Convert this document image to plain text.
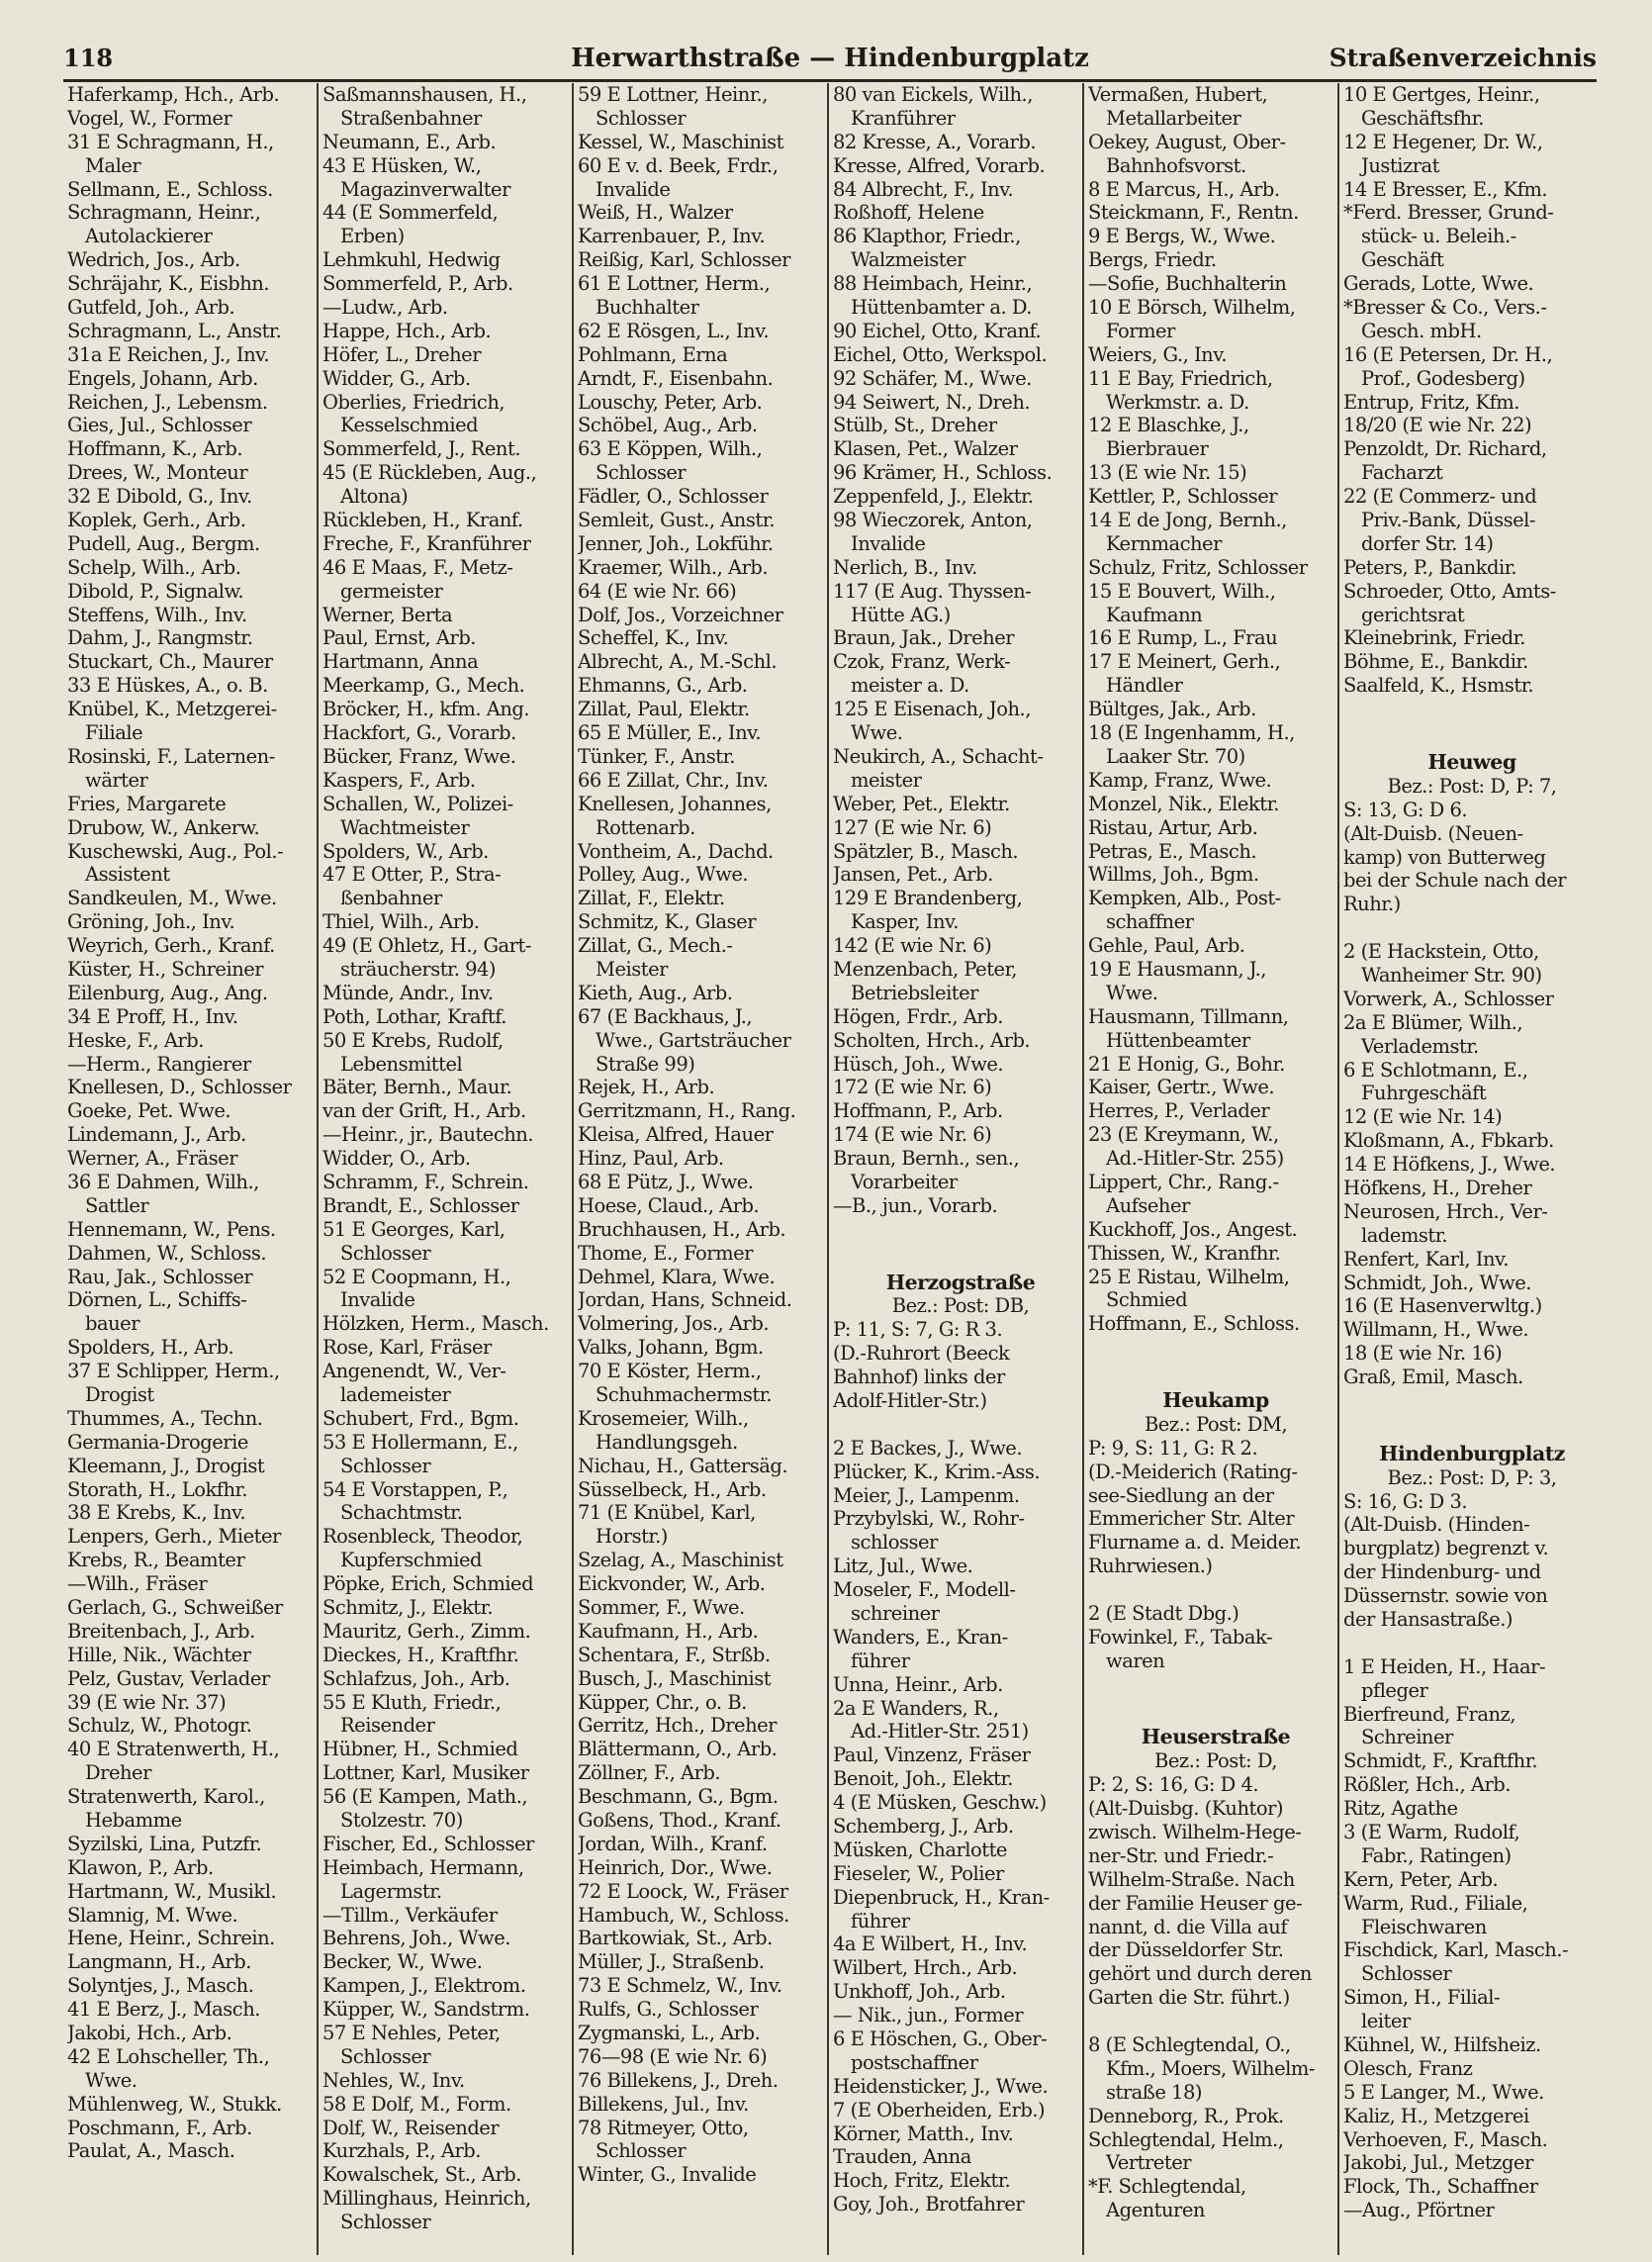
118	Herwarthstraße — Hindenburgplatz	Straßenverzeichnis
Haferkamp, Hch., Arb.
Vogel, W., Former
31 E Schragmann, H.,
Maler
Sellmann, E., Schloss.
Schragmann, Heinr.,
Autolackierer
Wedrich, Jos., Arb.
Schräjahr, K., Eisbhn.
Gutfeld, Joh., Arb.
Schragmann, L., Anstr.
31a E Reichen, J., Inv.
Engels, Johann, Arb.
Reichen, J., Lebensm.
Gies, Jul., Schlosser
Hoffmann, K., Arb.
Drees, W., Monteur
32 E Dibold, G., Inv.
Koplek, Gerh., Arb.
Pudell, Aug., Bergm.
Schelp, Wilh., Arb.
Dibold, P., Signalw.
Steffens, Wilh., Inv.
Dahm, J., Rangmstr.
Stuckart, Ch., Maurer
33 E Hüskes, A., o. B.
Knübel, K., Metzgerei-
Filiale
Rosinski, F., Laternen-
wärter
Fries, Margarete
Drubow, W., Ankerw.
Kuschewski, Aug., Pol.-
Assistent
Sandkeulen, M., Wwe.
Gröning, Joh., Inv.
Weyrich, Gerh., Kranf.
Küster, H., Schreiner
Eilenburg, Aug., Ang.
34 E Proff, H., Inv.
Heske, F., Arb.
—Herm., Rangierer
Knellesen, D., Schlosser
Goeke, Pet. Wwe.
Lindemann, J., Arb.
Werner, A., Fräser
36 E Dahmen, Wilh.,
Sattler
Hennemann, W., Pens.
Dahmen, W., Schloss.
Rau, Jak., Schlosser
Dörnen, L., Schiffs-
bauer
Spolders, H., Arb.
37 E Schlipper, Herm.,
Drogist
Thummes, A., Techn.
Germania-Drogerie
Kleemann, J., Drogist
Storath, H., Lokfhr.
38 E Krebs, K., Inv.
Lenpers, Gerh., Mieter
Krebs, R., Beamter
—Wilh., Fräser
Gerlach, G., Schweißer
Breitenbach, J., Arb.
Hille, Nik., Wächter
Pelz, Gustav, Verlader
39 (E wie Nr. 37)
Schulz, W., Photogr.
40 E Stratenwerth, H.,
Dreher
Stratenwerth, Karol.,
Hebamme
Syzilski, Lina, Putzfr.
Klawon, P., Arb.
Hartmann, W., Musikl.
Slamnig, M. Wwe.
Hene, Heinr., Schrein.
Langmann, H., Arb.
Solyntjes, J., Masch.
41 E Berz, J., Masch.
Jakobi, Hch., Arb.
42 E Lohscheller, Th.,
Wwe.
Mühlenweg, W., Stukk.
Poschmann, F., Arb.
Paulat, A., Masch.
Saßmannshausen, H.,
Straßenbahner
Neumann, E., Arb.
43 E Hüsken, W.,
Magazinverwalter
44 (E Sommerfeld,
Erben)
Lehmkuhl, Hedwig
Sommerfeld, P., Arb.
—Ludw., Arb.
Happe, Hch., Arb.
Höfer, L., Dreher
Widder, G., Arb.
Oberlies, Friedrich,
Kesselschmied
Sommerfeld, J., Rent.
45 (E Rückleben, Aug.,
Altona)
Rückleben, H., Kranf.
Freche, F., Kranführer
46 E Maas, F., Metz-
germeister
Werner, Berta
Paul, Ernst, Arb.
Hartmann, Anna
Meerkamp, G., Mech.
Bröcker, H., kfm. Ang.
Hackfort, G., Vorarb.
Bücker, Franz, Wwe.
Kaspers, F., Arb.
Schallen, W., Polizei-
Wachtmeister
Spolders, W., Arb.
47 E Otter, P., Stra-
ßenbahner
Thiel, Wilh., Arb.
49 (E Ohletz, H., Gart-
sträucherstr. 94)
Münde, Andr., Inv.
Poth, Lothar, Kraftf.
50 E Krebs, Rudolf,
Lebensmittel
Bäter, Bernh., Maur.
van der Grift, H., Arb.
—Heinr., jr., Bautechn.
Widder, O., Arb.
Schramm, F., Schrein.
Brandt, E., Schlosser
51 E Georges, Karl,
Schlosser
52 E Coopmann, H.,
Invalide
Hölzken, Herm., Masch.
Rose, Karl, Fräser
Angenendt, W., Ver-
lademeister
Schubert, Frd., Bgm.
53 E Hollermann, E.,
Schlosser
54 E Vorstappen, P.,
Schachtmstr.
Rosenbleck, Theodor,
Kupferschmied
Pöpke, Erich, Schmied
Schmitz, J., Elektr.
Mauritz, Gerh., Zimm.
Dieckes, H., Kraftfhr.
Schlafzus, Joh., Arb.
55 E Kluth, Friedr.,
Reisender
Hübner, H., Schmied
Lottner, Karl, Musiker
56 (E Kampen, Math.,
Stolzestr. 70)
Fischer, Ed., Schlosser
Heimbach, Hermann,
Lagermstr.
—Tillm., Verkäufer
Behrens, Joh., Wwe.
Becker, W., Wwe.
Kampen, J., Elektrom.
Küpper, W., Sandstrm.
57 E Nehles, Peter,
Schlosser
Nehles, W., Inv.
58 E Dolf, M., Form.
Dolf, W., Reisender
Kurzhals, P., Arb.
Kowalschek, St., Arb.
Millinghaus, Heinrich,
Schlosser
59 E Lottner, Heinr.,
Schlosser
Kessel, W., Maschinist
60 E v. d. Beek, Frdr.,
Invalide
Weiß, H., Walzer
Karrenbauer, P., Inv.
Reißig, Karl, Schlosser
61 E Lottner, Herm.,
Buchhalter
62 E Rösgen, L., Inv.
Pohlmann, Erna
Arndt, F., Eisenbahn.
Louschy, Peter, Arb.
Schöbel, Aug., Arb.
63 E Köppen, Wilh.,
Schlosser
Fädler, O., Schlosser
Semleit, Gust., Anstr.
Jenner, Joh., Lokführ.
Kraemer, Wilh., Arb.
64 (E wie Nr. 66)
Dolf, Jos., Vorzeichner
Scheffel, K., Inv.
Albrecht, A., M.-Schl.
Ehmanns, G., Arb.
Zillat, Paul, Elektr.
65 E Müller, E., Inv.
Tünker, F., Anstr.
66 E Zillat, Chr., Inv.
Knellesen, Johannes,
Rottenarb.
Vontheim, A., Dachd.
Polley, Aug., Wwe.
Zillat, F., Elektr.
Schmitz, K., Glaser
Zillat, G., Mech.-
Meister
Kieth, Aug., Arb.
67 (E Backhaus, J.,
Wwe., Gartsträucher
Straße 99)
Rejek, H., Arb.
Gerritzmann, H., Rang.
Kleisa, Alfred, Hauer
Hinz, Paul, Arb.
68 E Pütz, J., Wwe.
Hoese, Claud., Arb.
Bruchhausen, H., Arb.
Thome, E., Former
Dehmel, Klara, Wwe.
Jordan, Hans, Schneid.
Volmering, Jos., Arb.
Valks, Johann, Bgm.
70 E Köster, Herm.,
Schuhmachermstr.
Krosemeier, Wilh.,
Handlungsgeh.
Nichau, H., Gattersäg.
Süsselbeck, H., Arb.
71 (E Knübel, Karl,
Horstr.)
Szelag, A., Maschinist
Eickvonder, W., Arb.
Sommer, F., Wwe.
Kaufmann, H., Arb.
Schentara, F., Strßb.
Busch, J., Maschinist
Küpper, Chr., o. B.
Gerritz, Hch., Dreher
Blättermann, O., Arb.
Zöllner, F., Arb.
Beschmann, G., Bgm.
Goßens, Thod., Kranf.
Jordan, Wilh., Kranf.
Heinrich, Dor., Wwe.
72 E Loock, W., Fräser
Hambuch, W., Schloss.
Bartkowiak, St., Arb.
Müller, J., Straßenb.
73 E Schmelz, W., Inv.
Rulfs, G., Schlosser
Zygmanski, L., Arb.
76—98 (E wie Nr. 6)
76 Billekens, J., Dreh.
Billekens, Jul., Inv.
78 Ritmeyer, Otto,
Schlosser
Winter, G., Invalide
80 van Eickels, Wilh.,
Kranführer
82 Kresse, A., Vorarb.
Kresse, Alfred, Vorarb.
84 Albrecht, F., Inv.
Roßhoff, Helene
86 Klapthor, Friedr.,
Walzmeister
88 Heimbach, Heinr.,
Hüttenbamter a. D.
90 Eichel, Otto, Kranf.
Eichel, Otto, Werkspol.
92 Schäfer, M., Wwe.
94 Seiwert, N., Dreh.
Stülb, St., Dreher
Klasen, Pet., Walzer
96 Krämer, H., Schloss.
Zeppenfeld, J., Elektr.
98 Wieczorek, Anton,
Invalide
Nerlich, B., Inv.
117 (E Aug. Thyssen-
Hütte AG.)
Braun, Jak., Dreher
Czok, Franz, Werk-
meister a. D.
125 E Eisenach, Joh.,
Wwe.
Neukirch, A., Schacht-
meister
Weber, Pet., Elektr.
127 (E wie Nr. 6)
Spätzler, B., Masch.
Jansen, Pet., Arb.
129 E Brandenberg,
Kasper, Inv.
142 (E wie Nr. 6)
Menzenbach, Peter,
Betriebsleiter
Högen, Frdr., Arb.
Scholten, Hrch., Arb.
Hüsch, Joh., Wwe.
172 (E wie Nr. 6)
Hoffmann, P., Arb.
174 (E wie Nr. 6)
Braun, Bernh., sen.,
Vorarbeiter
—B., jun., Vorarb.
Herzogstraße
Bez.: Post: DB,
P: 11, S: 7, G: R 3.
(D.-Ruhrort (Beeck
Bahnhof) links der
Adolf-Hitler-Str.)
2 E Backes, J., Wwe.
Plücker, K., Krim.-Ass.
Meier, J., Lampenm.
Przybylski, W., Rohr-
schlosser
Litz, Jul., Wwe.
Moseler, F., Modell-
schreiner
Wanders, E., Kran-
führer
Unna, Heinr., Arb.
2a E Wanders, R.,
Ad.-Hitler-Str. 251)
Paul, Vinzenz, Fräser
Benoit, Joh., Elektr.
4 (E Müsken, Geschw.)
Schemberg, J., Arb.
Müsken, Charlotte
Fieseler, W., Polier
Diepenbruck, H., Kran-
führer
4a E Wilbert, H., Inv.
Wilbert, Hrch., Arb.
Unkhoff, Joh., Arb.
— Nik., jun., Former
6 E Höschen, G., Ober-
postschaffner
Heidensticker, J., Wwe.
7 (E Oberheiden, Erb.)
Körner, Matth., Inv.
Trauden, Anna
Hoch, Fritz, Elektr.
Goy, Joh., Brotfahrer
Vermaßen, Hubert,
Metallarbeiter
Oekey, August, Ober-
Bahnhofsvorst.
8 E Marcus, H., Arb.
Steickmann, F., Rentn.
9 E Bergs, W., Wwe.
Bergs, Friedr.
—Sofie, Buchhalterin
10 E Börsch, Wilhelm,
Former
Weiers, G., Inv.
11 E Bay, Friedrich,
Werkmstr. a. D.
12 E Blaschke, J.,
Bierbrauer
13 (E wie Nr. 15)
Kettler, P., Schlosser
14 E de Jong, Bernh.,
Kernmacher
Schulz, Fritz, Schlosser
15 E Bouvert, Wilh.,
Kaufmann
16 E Rump, L., Frau
17 E Meinert, Gerh.,
Händler
Bültges, Jak., Arb.
18 (E Ingenhamm, H.,
Laaker Str. 70)
Kamp, Franz, Wwe.
Monzel, Nik., Elektr.
Ristau, Artur, Arb.
Petras, E., Masch.
Willms, Joh., Bgm.
Kempken, Alb., Post-
schaffner
Gehle, Paul, Arb.
19 E Hausmann, J.,
Wwe.
Hausmann, Tillmann,
Hüttenbeamter
21 E Honig, G., Bohr.
Kaiser, Gertr., Wwe.
Herres, P., Verlader
23 (E Kreymann, W.,
Ad.-Hitler-Str. 255)
Lippert, Chr., Rang.-
Aufseher
Kuckhoff, Jos., Angest.
Thissen, W., Kranfhr.
25 E Ristau, Wilhelm,
Schmied
Hoffmann, E., Schloss.
Heukamp
Bez.: Post: DM,
P: 9, S: 11, G: R 2.
(D.-Meiderich (Rating-
see-Siedlung an der
Emmericher Str. Alter
Flurname a. d. Meider.
Ruhrwiesen.)
2 (E Stadt Dbg.)
Fowinkel, F., Tabak-
waren
Heuserstraße
Bez.: Post: D,
P: 2, S: 16, G: D 4.
(Alt-Duisbg. (Kuhtor)
zwisch. Wilhelm-Hege-
ner-Str. und Friedr.-
Wilhelm-Straße. Nach
der Familie Heuser ge-
nannt, d. die Villa auf
der Düsseldorfer Str.
gehört und durch deren
Garten die Str. führt.)
8 (E Schlegtendal, O.,
Kfm., Moers, Wilhelm-
straße 18)
Denneborg, R., Prok.
Schlegtendal, Helm.,
Vertreter
*F. Schlegtendal,
Agenturen
10 E Gertges, Heinr.,
Geschäftsfhr.
12 E Hegener, Dr. W.,
Justizrat
14 E Bresser, E., Kfm.
*Ferd. Bresser, Grund-
stück- u. Beleih.-
Geschäft
Gerads, Lotte, Wwe.
*Bresser & Co., Vers.-
Gesch. mbH.
16 (E Petersen, Dr. H.,
Prof., Godesberg)
Entrup, Fritz, Kfm.
18/20 (E wie Nr. 22)
Penzoldt, Dr. Richard,
Facharzt
22 (E Commerz- und
Priv.-Bank, Düssel-
dorfer Str. 14)
Peters, P., Bankdir.
Schroeder, Otto, Amts-
gerichtsrat
Kleinebrink, Friedr.
Böhme, E., Bankdir.
Saalfeld, K., Hsmstr.
Heuweg
Bez.: Post: D, P: 7,
S: 13, G: D 6.
(Alt-Duisb. (Neuen-
kamp) von Butterweg
bei der Schule nach der
Ruhr.)
2 (E Hackstein, Otto,
Wanheimer Str. 90)
Vorwerk, A., Schlosser
2a E Blümer, Wilh.,
Verlademstr.
6 E Schlotmann, E.,
Fuhrgeschäft
12 (E wie Nr. 14)
Kloßmann, A., Fbkarb.
14 E Höfkens, J., Wwe.
Höfkens, H., Dreher
Neurosen, Hrch., Ver-
lademstr.
Renfert, Karl, Inv.
Schmidt, Joh., Wwe.
16 (E Hasenverwltg.)
Willmann, H., Wwe.
18 (E wie Nr. 16)
Graß, Emil, Masch.
Hindenburgplatz
Bez.: Post: D, P: 3,
S: 16, G: D 3.
(Alt-Duisb. (Hinden-
burgplatz) begrenzt v.
der Hindenburg- und
Düssernstr. sowie von
der Hansastraße.)
1 E Heiden, H., Haar-
pfleger
Bierfreund, Franz,
Schreiner
Schmidt, F., Kraftfhr.
Rößler, Hch., Arb.
Ritz, Agathe
3 (E Warm, Rudolf,
Fabr., Ratingen)
Kern, Peter, Arb.
Warm, Rud., Filiale,
Fleischwaren
Fischdick, Karl, Masch.-
Schlosser
Simon, H., Filial-
leiter
Kühnel, W., Hilfsheiz.
Olesch, Franz
5 E Langer, M., Wwe.
Kaliz, H., Metzgerei
Verhoeven, F., Masch.
Jakobi, Jul., Metzger
Flock, Th., Schaffner
—Aug., Pförtner
